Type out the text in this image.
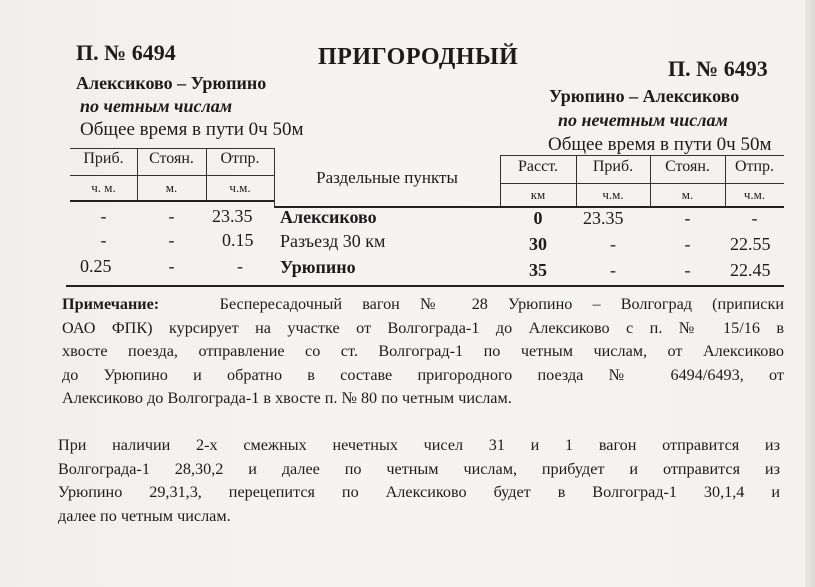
П. № 6494	ПРИГОРОДНЫЙ	П. № 6493
Алексиково – Урюпино
Урюпино – Алексиково
по четным числам
по нечетным числам
Общее время в пути 0ч 50м
Общее время в пути 0ч 50м
Приб.	Стоян.	Отпр.
ч. м.	м.	ч.м.
Раздельные пункты
Расст.	Приб.	Стоян.	Отпр.
км	ч.м.	м.	ч.м.
-	-	23.35 Алексиково	0	23.35	-	-
-	-	0.15 Разъезд 30 км	30	-	-	22.55
0.25	-	-	Урюпино	35	-	-	22.45
Примечание:	Беспересадочный вагон № 28 Урюпино – Волгоград (приписки
ОАО ФПК) курсирует на участке от Волгограда-1 до Алексиково с п. № 15/16 в
хвосте поезда, отправление со ст. Волгоград-1 по четным числам, от Алексиково
до Урюпино и обратно в составе пригородного поезда № 6494/6493, от
Алексиково до Волгограда-1 в хвосте п. № 80 по четным числам.
При наличии 2-х смежных нечетных чисел 31 и 1 вагон отправится из
Волгограда-1 28,30,2 и далее по четным числам, прибудет и отправится из
Урюпино 29,31,3, перецепится по Алексиково будет в Волгоград-1 30,1,4 и
далее по четным числам.
